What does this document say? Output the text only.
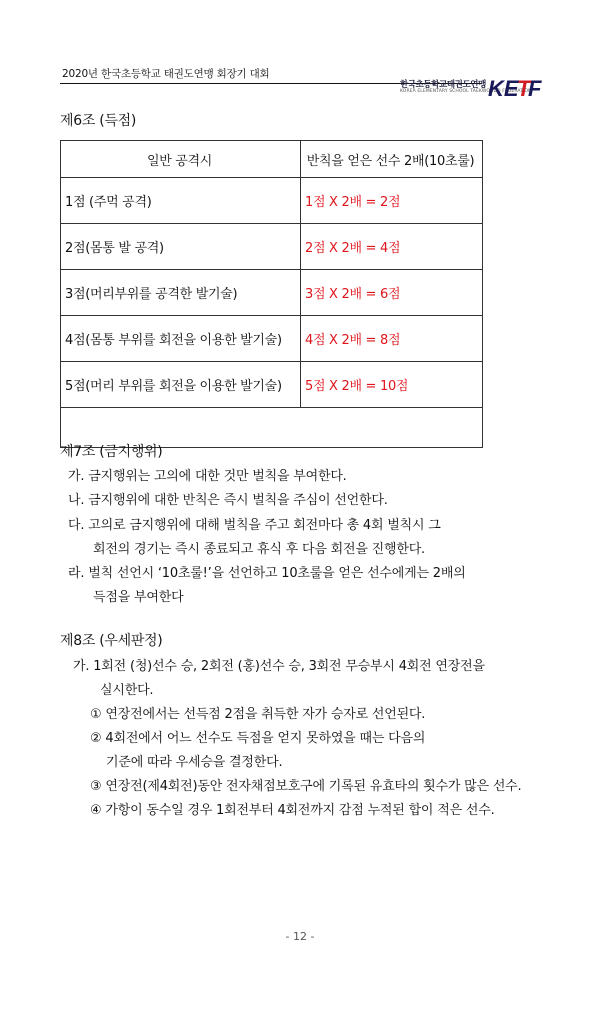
2020년 한국초등학교 태권도연맹 회장기 대회
한국초등학교태권도연맹
KOREA ELEMENTARY SCHOOL TAEKWONDO FEDERATION
KE
T
F
제6조 (득점)
일반 공격시	반칙을 얻은 선수 2배(10초룰)
1점 (주먹 공격)	1점 X 2배 = 2점
2점(몸통 발 공격)	2점 X 2배 = 4점
3점(머리부위를 공격한 발기술)	3점 X 2배 = 6점
4점(몸통 부위를 회전을 이용한 발기술)	4점 X 2배 = 8점
5점(머리 부위를 회전을 이용한 발기술)	5점 X 2배 = 10점

제7조 (금지행위)
가. 금지행위는 고의에 대한 것만 벌칙을 부여한다.
나. 금지행위에 대한 반칙은 즉시 벌칙을 주심이 선언한다.
다. 고의로 금지행위에 대해 벌칙을 주고 회전마다 총 4회 벌칙시 그
회전의 경기는 즉시 종료되고 휴식 후 다음 회전을 진행한다.
라. 벌칙 선언시 ‘10초룰!’을 선언하고 10초룰을 얻은 선수에게는 2배의
득점을 부여한다
제8조 (우세판정)
가. 1회전 (청)선수 승, 2회전 (홍)선수 승, 3회전 무승부시 4회전 연장전을
실시한다.
① 연장전에서는 선득점 2점을 취득한 자가 승자로 선언된다.
② 4회전에서 어느 선수도 득점을 얻지 못하였을 때는 다음의
기준에 따라 우세승을 결정한다.
③ 연장전(제4회전)동안 전자채점보호구에 기록된 유효타의 횟수가 많은 선수.
④ 가항이 동수일 경우 1회전부터 4회전까지 감점 누적된 합이 적은 선수.
- 12 -
